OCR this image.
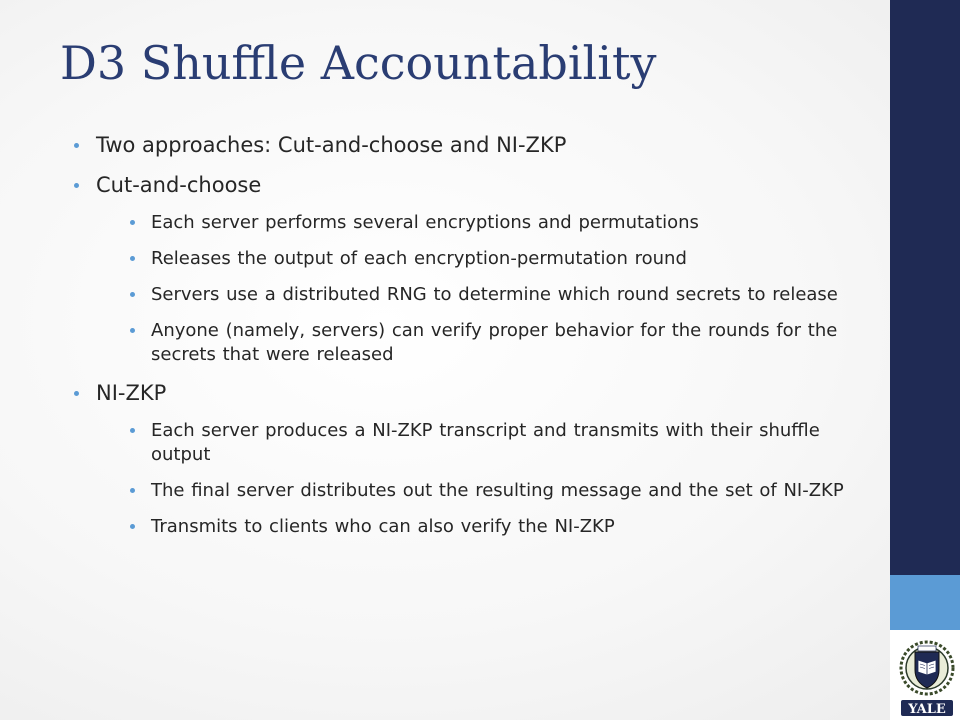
D3 Shuffle Accountability
Two approaches: Cut-and-choose and NI-ZKP
Cut-and-choose
Each server performs several encryptions and permutations
Releases the output of each encryption-permutation round
Servers use a distributed RNG to determine which round secrets to release
Anyone (namely, servers) can verify proper behavior for the rounds for the secrets that were released
NI-ZKP
Each server produces a NI-ZKP transcript and transmits with their shuffle output
The final server distributes out the resulting message and the set of NI-ZKP
Transmits to clients who can also verify the NI-ZKP
YALE
